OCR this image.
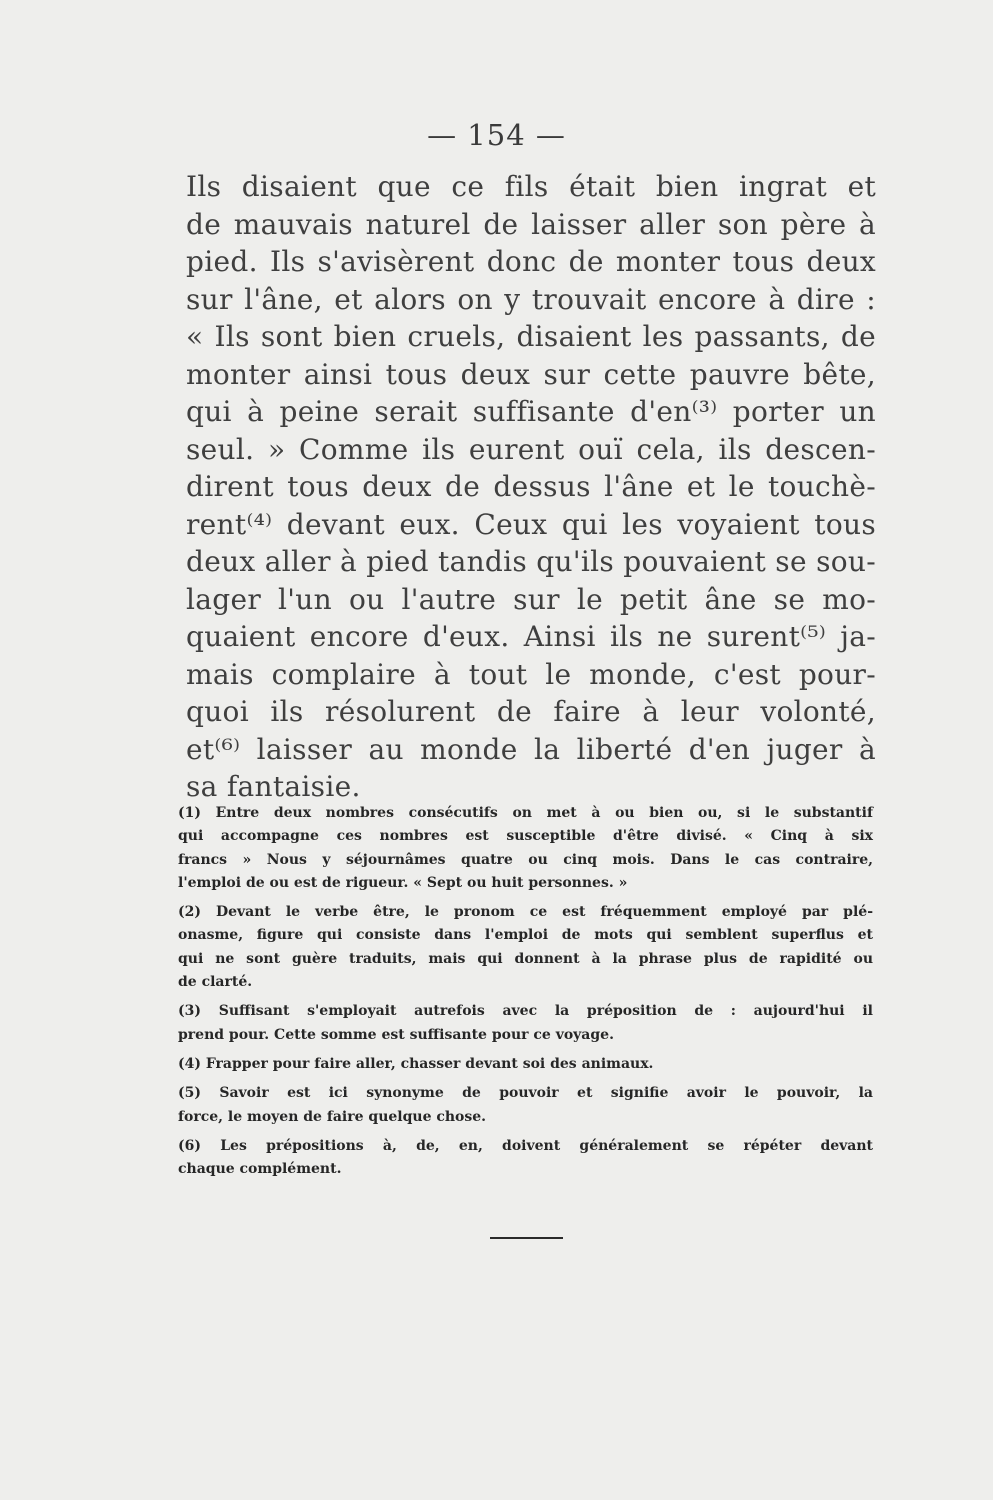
— 154 —
Ils disaient que ce fils était bien ingrat et
de mauvais naturel de laisser aller son père à
pied. Ils s'avisèrent donc de monter tous deux
sur l'âne, et alors on y trouvait encore à dire :
« Ils sont bien cruels, disaient les passants, de
monter ainsi tous deux sur cette pauvre bête,
qui à peine serait suffisante d'en⁽³⁾ porter un
seul. » Comme ils eurent ouï cela, ils descen-
dirent tous deux de dessus l'âne et le touchè-
rent⁽⁴⁾ devant eux. Ceux qui les voyaient tous
deux aller à pied tandis qu'ils pouvaient se sou-
lager l'un ou l'autre sur le petit âne se mo-
quaient encore d'eux. Ainsi ils ne surent⁽⁵⁾ ja-
mais complaire à tout le monde, c'est pour-
quoi ils résolurent de faire à leur volonté,
et⁽⁶⁾ laisser au monde la liberté d'en juger à
sa fantaisie.
(1) Entre deux nombres consécutifs on met à ou bien ou, si le substantif
qui accompagne ces nombres est susceptible d'être divisé. « Cinq à six
francs » Nous y séjournâmes quatre ou cinq mois. Dans le cas contraire,
l'emploi de ou est de rigueur. « Sept ou huit personnes. »
(2) Devant le verbe être, le pronom ce est fréquemment employé par plé-
onasme, figure qui consiste dans l'emploi de mots qui semblent superflus et
qui ne sont guère traduits, mais qui donnent à la phrase plus de rapidité ou
de clarté.
(3) Suffisant s'employait autrefois avec la préposition de : aujourd'hui il
prend pour. Cette somme est suffisante pour ce voyage.
(4) Frapper pour faire aller, chasser devant soi des animaux.
(5) Savoir est ici synonyme de pouvoir et signifie avoir le pouvoir, la
force, le moyen de faire quelque chose.
(6) Les prépositions à, de, en, doivent généralement se répéter devant
chaque complément.
